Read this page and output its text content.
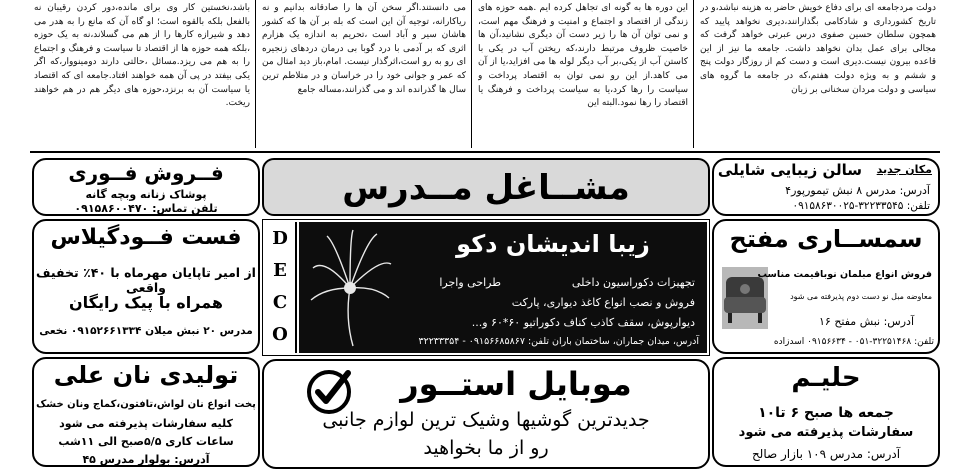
دولت مردجامعه ای برای دفاع خویش حاضر به هزینه نباشد،و در تاریخ کشورداری و شادکامی بگذارانند،دیری نخواهد پایید که همچون سلطان حسین صفوی درس عبرتی خواهد گرفت که مجالی برای عمل بدان نخواهد داشت. جامعه ما نیز از این قاعده بیرون نیست.دیری است و دست کم از روزگار دولت پنج و ششم و به ویژه دولت هفتم،که در جامعه ما گروه های سیاسی و دولت مردان سخنانی بر زبان
این دوره ها به گونه ای تجاهل کرده ایم .همه حوزه های زندگی از اقتصاد و اجتماع و امنیت و فرهنگ مهم است، و نمی توان آن ها را زیر دست آن دیگری نشانید،آن ها خاصیت ظروف مرتبط دارند،که ریختن آب در یکی با کاستن آب از یکی،بر آب دیگر لوله ها می افزاید،یا از آن می کاهد.از این رو نمی توان به اقتصاد پرداخت و سیاست را رها کرد،یا به سیاست پرداخت و فرهنگ یا اقتصاد را رها نمود.البته این
می دانستند.اگر سخن آن ها را صادقانه بدانیم و نه ریاکارانه، توجیه آن این است که بله بر آن ها که کشور هاشان سیر و آباد است ،تحریم به اندازه یک هزارم اثری که بر آدمی با درد گوبا بی درمان دردهای زنجیره ای رو به رو است،اثرگذار نیست. امام،باز دید امثال من که عمر و جوانی خود را در خراسان و در متلاطم ترین سال ها گذرانده اند و می گذرانند،مساله جامع
باشد،نخستین کار وی برای مانده،دور کردن رقیبان نه بالفعل بلکه بالقوه است؛ او گاه آن که مانع را به هدر می دهد و شیرازه کارها را از هم می گسلاند،نه به یک حوزه ،بلکه همه حوزه ها از اقتصاد تا سیاست و فرهنگ و اجتماع را به هم می ریزد.مسائل ،حالتی دارند دومینووار،که اگر یکی بیفتد در پی آن همه خواهند افتاد.جامعه ای که اقتصاد یا سیاست آن به برنزد،حوزه های دیگر هم در هم خواهند ریخت.
فــروش فــوری
پوشاک زنانه وبچه گانه
تلفن تماس: ۰۹۱۵۸۶۰۰۴۷۰
مشــاغل مــدرس	مکان جدید
سالن زیبایی شایلی
آدرس: مدرس ۸ نبش تیمورپور۴
تلفن: ۳۲۲۳۳۵۴۵-۰۹۱۵۸۶۳۰۰۲۵
فست فــودگیلاس
از امیر تاپایان مهرماه با ۴۰٪ تخفیف واقعی
همراه با پیک رایگان
مدرس ۲۰ نبش میلان ۰۹۱۵۲۶۶۱۳۳۴ نخعی
D
E
C
O
زیبا اندیشان دکو
تجهیزات دکوراسیون داخلی
طراحی واجرا
فروش و نصب انواع کاغذ دیواری، پارکت
دیوارپوش، سقف کاذب کناف دکوراتیو ۶۰*۶۰ و...
آدرس، میدان جماران، ساختمان باران تلفن: ۰۹۱۵۶۶۸۵۸۶۷ - ۳۲۲۳۳۳۵۴
سمســاری مفتح
فروش انواع مبلمان نوباقیمت مناسب
معاوضه مبل نو دست دوم پذیرفته می شود
آدرس: نبش مفتح ۱۶
تلفن: ۳۲۲۵۱۴۶۸-۰۵۱ - ۰۹۱۵۶۶۳۴ اسدزاده
تولیدی نان علی
پخت انواع نان لواش،تافتون،کماج ونان خشک
کلیه سفارشات پذیرفته می شود
ساعات کاری ۵/۵صبح الی ۱۱شب
آدرس: بولوار مدرس ۴۵
موبایل استــور
جدیدترین گوشیها وشیک ترین لوازم جانبی
رو از ما بخواهید
حلیـم
جمعه ها صبح ۶ تا۱۰
سفارشات پذیرفته می شود
آدرس: مدرس ۱۰۹ بازار صالح
